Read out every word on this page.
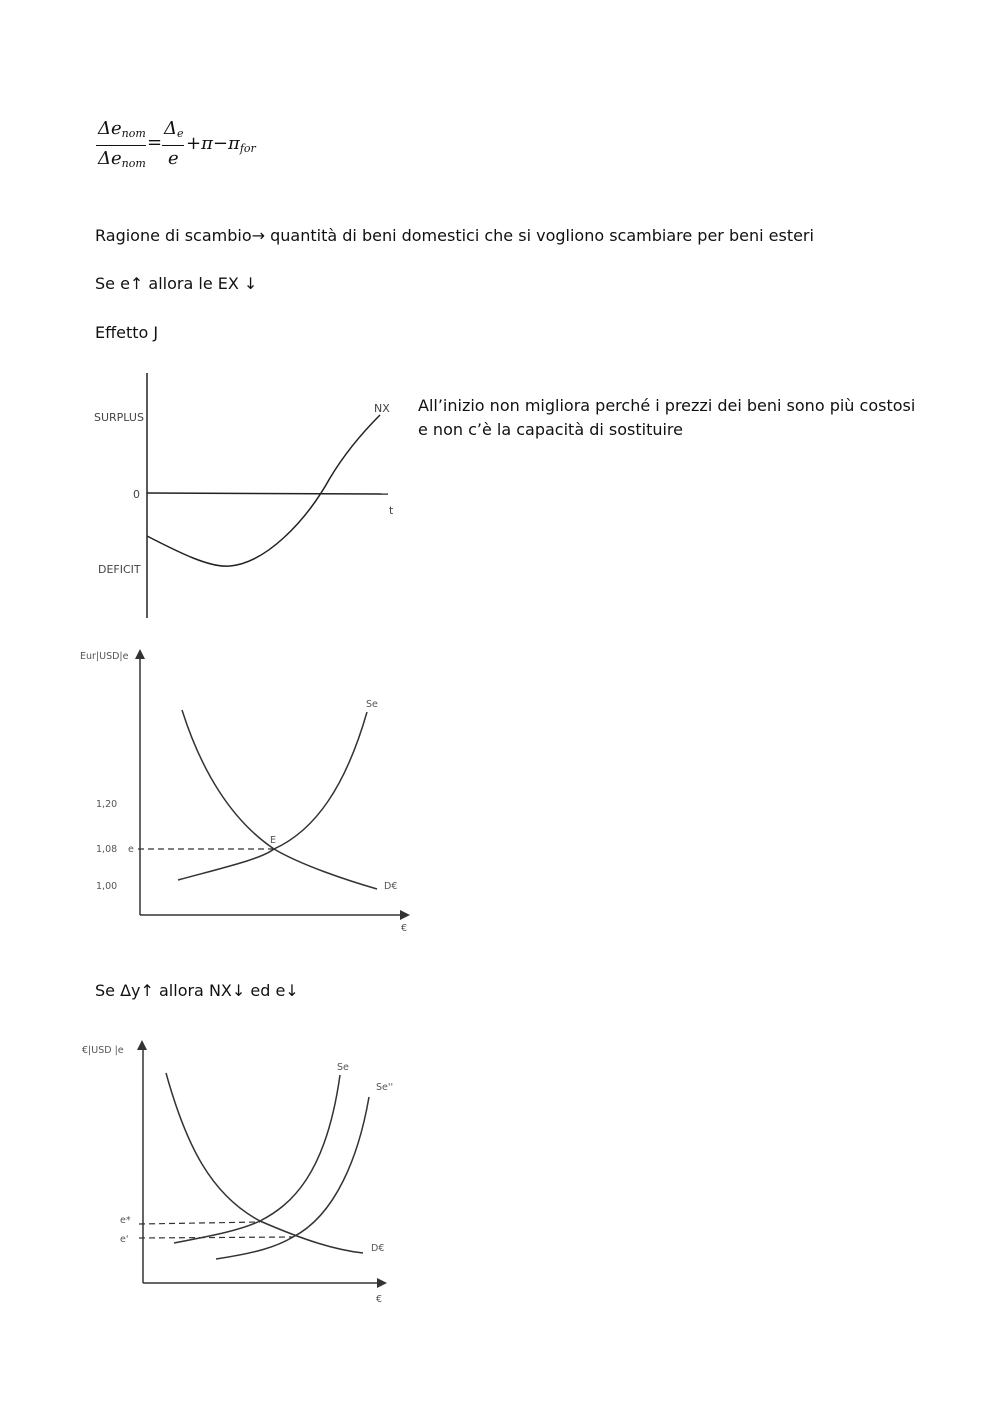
$\Delta e_{nom}$
$\Delta e_{nom}$
=
$\Delta_e$
e
$+\pi-\pi_{for}$
Ragione di scambio→ quantità di beni domestici che si vogliono scambiare per beni esteri
Se e↑ allora le EX ↓
Effetto J
SURPLUS
0
DEFICIT
NX
t
All’inizio non migliora perché i prezzi dei beni sono più costosi e non c’è la capacità di sostituire
Eur|USD|e
Se
E
D€
1,20
1,08 e
1,00
€
Se Δy↑ allora NX↓ ed e↓
€|USD |e
Se
Se''
D€
e*
e'
€
